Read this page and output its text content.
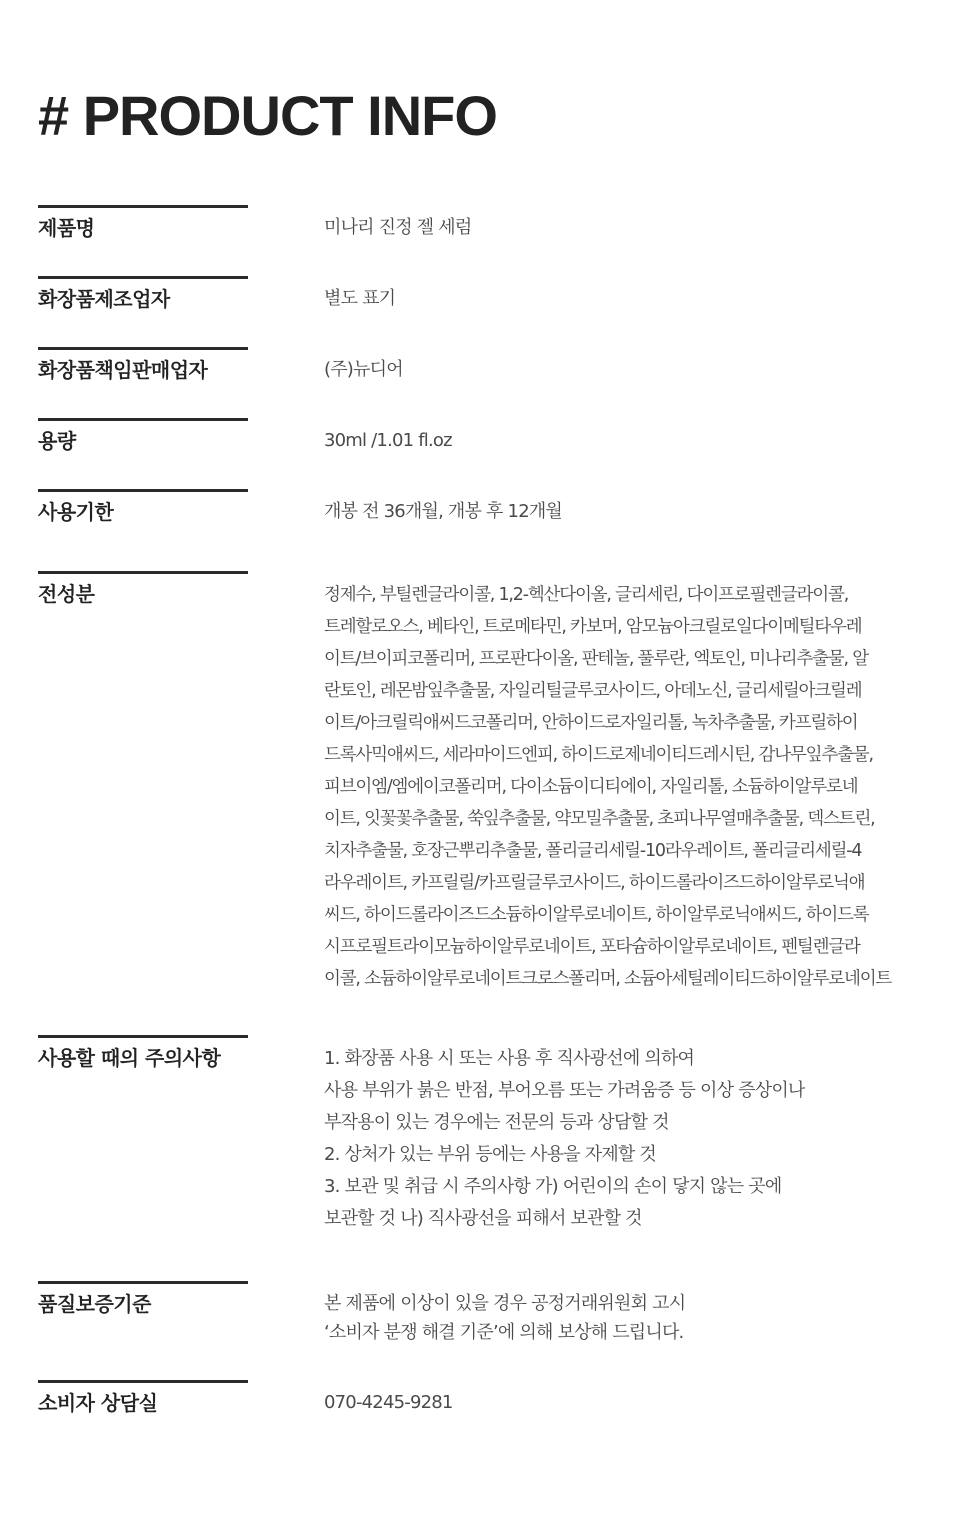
# PRODUCT INFO
제품명	미나리 진정 젤 세럼
화장품제조업자	별도 표기
화장품책임판매업자	(주)뉴디어
용량	30ml /1.01 fl.oz
사용기한	개봉 전 36개월, 개봉 후 12개월
전성분	정제수, 부틸렌글라이콜, 1,2-헥산다이올, 글리세린, 다이프로필렌글라이콜,
트레할로오스, 베타인, 트로메타민, 카보머, 암모늄아크릴로일다이메틸타우레
이트/브이피코폴리머, 프로판다이올, 판테놀, 풀루란, 엑토인, 미나리추출물, 알
란토인, 레몬밤잎추출물, 자일리틸글루코사이드, 아데노신, 글리세릴아크릴레
이트/아크릴릭애씨드코폴리머, 안하이드로자일리톨, 녹차추출물, 카프릴하이
드록사믹애씨드, 세라마이드엔피, 하이드로제네이티드레시틴, 감나무잎추출물,
피브이엠/엠에이코폴리머, 다이소듐이디티에이, 자일리톨, 소듐하이알루로네
이트, 잇꽃꽃추출물, 쑥잎추출물, 약모밀추출물, 초피나무열매추출물, 덱스트린,
치자추출물, 호장근뿌리추출물, 폴리글리세릴-10라우레이트, 폴리글리세릴-4
라우레이트, 카프릴릴/카프릴글루코사이드, 하이드롤라이즈드하이알루로닉애
씨드, 하이드롤라이즈드소듐하이알루로네이트, 하이알루로닉애씨드, 하이드록
시프로필트라이모늄하이알루로네이트, 포타슘하이알루로네이트, 펜틸렌글라
이콜, 소듐하이알루로네이트크로스폴리머, 소듐아세틸레이티드하이알루로네이트
사용할 때의 주의사항	1. 화장품 사용 시 또는 사용 후 직사광선에 의하여
사용 부위가 붉은 반점, 부어오름 또는 가려움증 등 이상 증상이나
부작용이 있는 경우에는 전문의 등과 상담할 것
2. 상처가 있는 부위 등에는 사용을 자제할 것
3. 보관 및 취급 시 주의사항 가) 어린이의 손이 닿지 않는 곳에
보관할 것 나) 직사광선을 피해서 보관할 것
품질보증기준	본 제품에 이상이 있을 경우 공정거래위원회 고시
‘소비자 분쟁 해결 기준’에 의해 보상해 드립니다.
소비자 상담실	070-4245-9281
